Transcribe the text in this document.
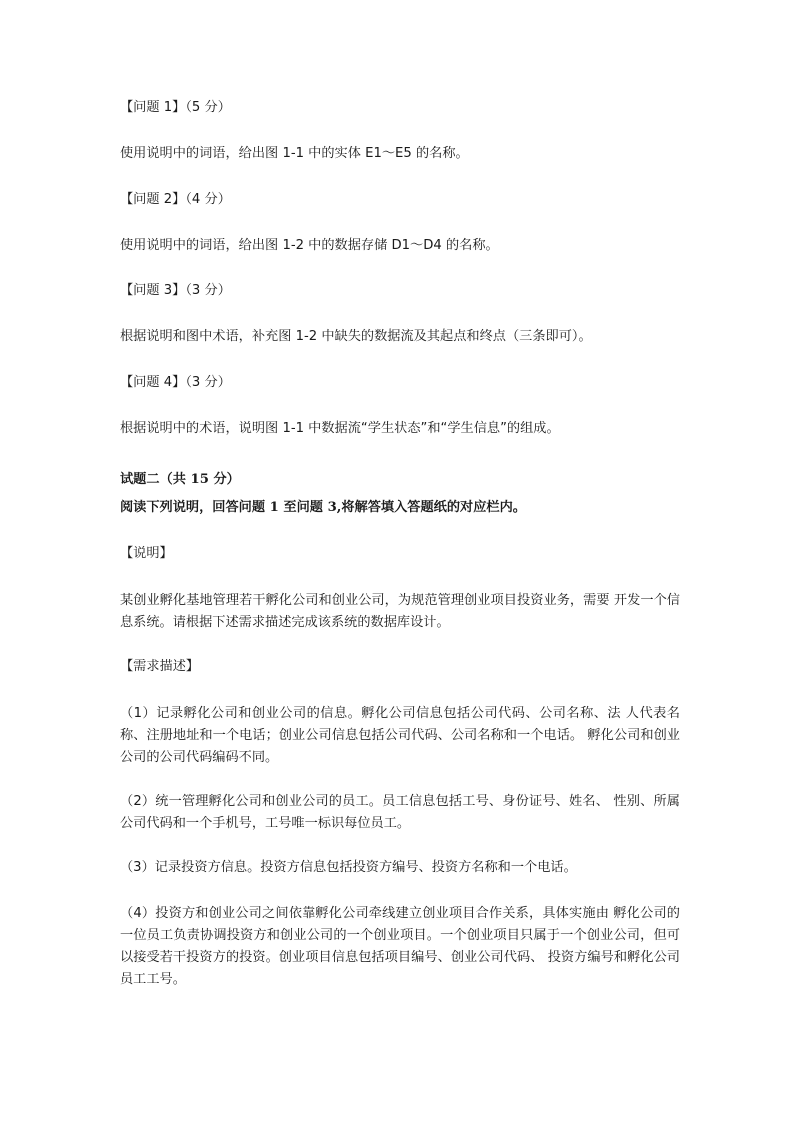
【问题 1】（5 分）
使用说明中的词语，给出图 1-1 中的实体 E1～E5 的名称。
【问题 2】（4 分）
使用说明中的词语，给出图 1-2 中的数据存储 D1～D4 的名称。
【问题 3】（3 分）
根据说明和图中术语，补充图 1-2 中缺失的数据流及其起点和终点（三条即可）。
【问题 4】（3 分）
根据说明中的术语，说明图 1-1 中数据流“学生状态”和“学生信息”的组成。
试题二（共 15 分）
阅读下列说明，回答问题 1 至问题 3,将解答填入答题纸的对应栏内。
【说明】
某创业孵化基地管理若干孵化公司和创业公司，为规范管理创业项目投资业务，需要 开发一个信息系统。请根据下述需求描述完成该系统的数据库设计。
【需求描述】
（1）记录孵化公司和创业公司的信息。孵化公司信息包括公司代码、公司名称、法 人代表名称、注册地址和一个电话；创业公司信息包括公司代码、公司名称和一个电话。 孵化公司和创业公司的公司代码编码不同。
（2）统一管理孵化公司和创业公司的员工。员工信息包括工号、身份证号、姓名、 性别、所属公司代码和一个手机号，工号唯一标识每位员工。
（3）记录投资方信息。投资方信息包括投资方编号、投资方名称和一个电话。
（4）投资方和创业公司之间依靠孵化公司牵线建立创业项目合作关系，具体实施由 孵化公司的一位员工负责协调投资方和创业公司的一个创业项目。一个创业项目只属于一个创业公司，但可以接受若干投资方的投资。创业项目信息包括项目编号、创业公司代码、 投资方编号和孵化公司员工工号。
